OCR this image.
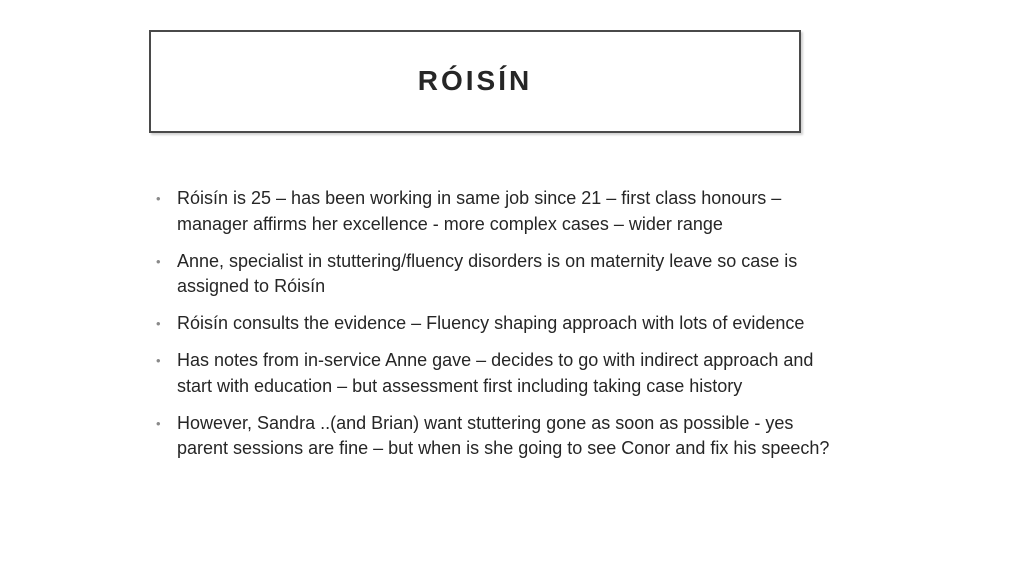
RÓISÍN
• Róisín is 25 – has been working in same job since 21 – first class honours – manager affirms her excellence - more complex cases – wider range
• Anne, specialist in stuttering/fluency disorders is on maternity leave so case is assigned to Róisín
• Róisín consults the evidence – Fluency shaping approach with lots of evidence
• Has notes from in-service Anne gave – decides to go with indirect approach and start with education – but assessment first including taking case history
• However, Sandra ..(and Brian) want stuttering gone as soon as possible - yes parent sessions are fine – but when is she going to see Conor and fix his speech?
